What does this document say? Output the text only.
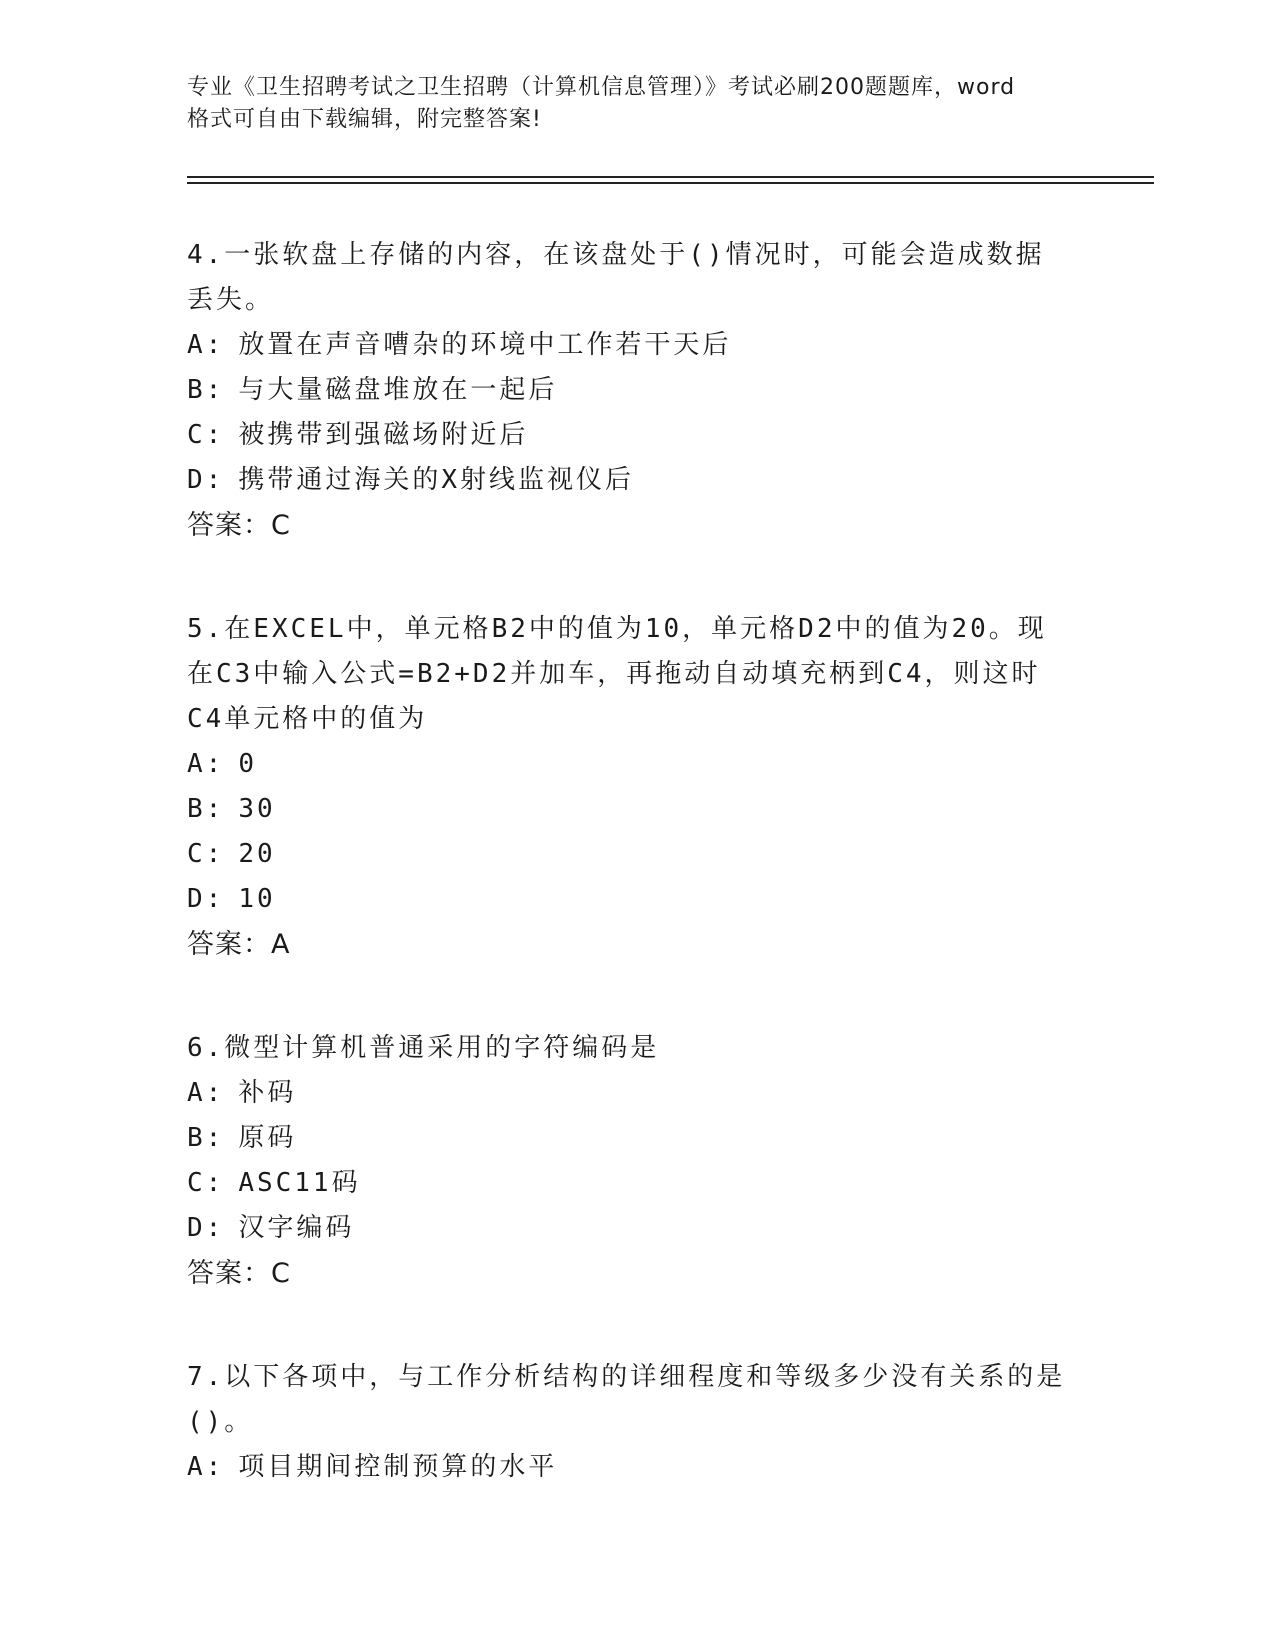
专业《卫生招聘考试之卫生招聘（计算机信息管理）》考试必刷200题题库，word
格式可自由下载编辑，附完整答案!

4.一张软盘上存储的内容，在该盘处于()情况时，可能会造成数据丢失。

A: 放置在声音嘈杂的环境中工作若干天后

B: 与大量磁盘堆放在一起后

C: 被携带到强磁场附近后

D: 携带通过海关的X射线监视仪后

答案：C

5.在EXCEL中，单元格B2中的值为10，单元格D2中的值为20。现在C3中输入公式=B2+D2并加车，再拖动自动填充柄到C4，则这时C4单元格中的值为

A: 0

B: 30

C: 20

D: 10

答案：A

6.微型计算机普通采用的字符编码是

A: 补码

B: 原码

C: ASC11码

D: 汉字编码

答案：C

7.以下各项中，与工作分析结构的详细程度和等级多少没有关系的是()。

A: 项目期间控制预算的水平
